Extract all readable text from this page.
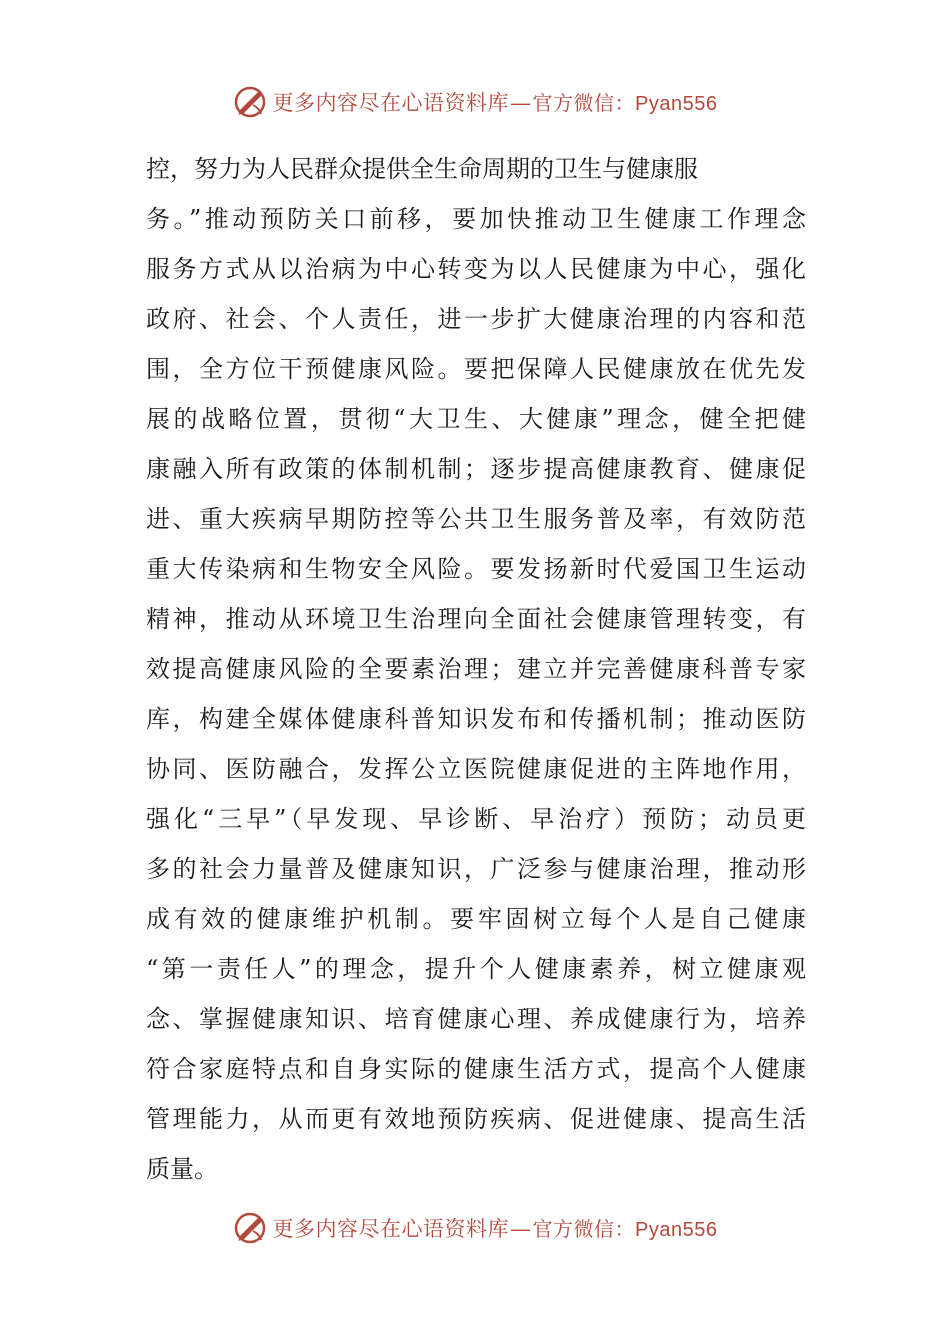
更多内容尽在心语资料库—官方微信：Pyan556
控，努力为人民群众提供全生命周期的卫生与健康服
务。”推动预防关口前移，要加快推动卫生健康工作理念
服务方式从以治病为中心转变为以人民健康为中心，强化
政府、社会、个人责任，进一步扩大健康治理的内容和范
围，全方位干预健康风险。要把保障人民健康放在优先发
展的战略位置，贯彻“大卫生、大健康”理念，健全把健
康融入所有政策的体制机制；逐步提高健康教育、健康促
进、重大疾病早期防控等公共卫生服务普及率，有效防范
重大传染病和生物安全风险。要发扬新时代爱国卫生运动
精神，推动从环境卫生治理向全面社会健康管理转变，有
效提高健康风险的全要素治理；建立并完善健康科普专家
库，构建全媒体健康科普知识发布和传播机制；推动医防
协同、医防融合，发挥公立医院健康促进的主阵地作用，
强化“三早”（早发现、早诊断、早治疗）预防；动员更
多的社会力量普及健康知识，广泛参与健康治理，推动形
成有效的健康维护机制。要牢固树立每个人是自己健康
“第一责任人”的理念，提升个人健康素养，树立健康观
念、掌握健康知识、培育健康心理、养成健康行为，培养
符合家庭特点和自身实际的健康生活方式，提高个人健康
管理能力，从而更有效地预防疾病、促进健康、提高生活
质量。
更多内容尽在心语资料库—官方微信：Pyan556
